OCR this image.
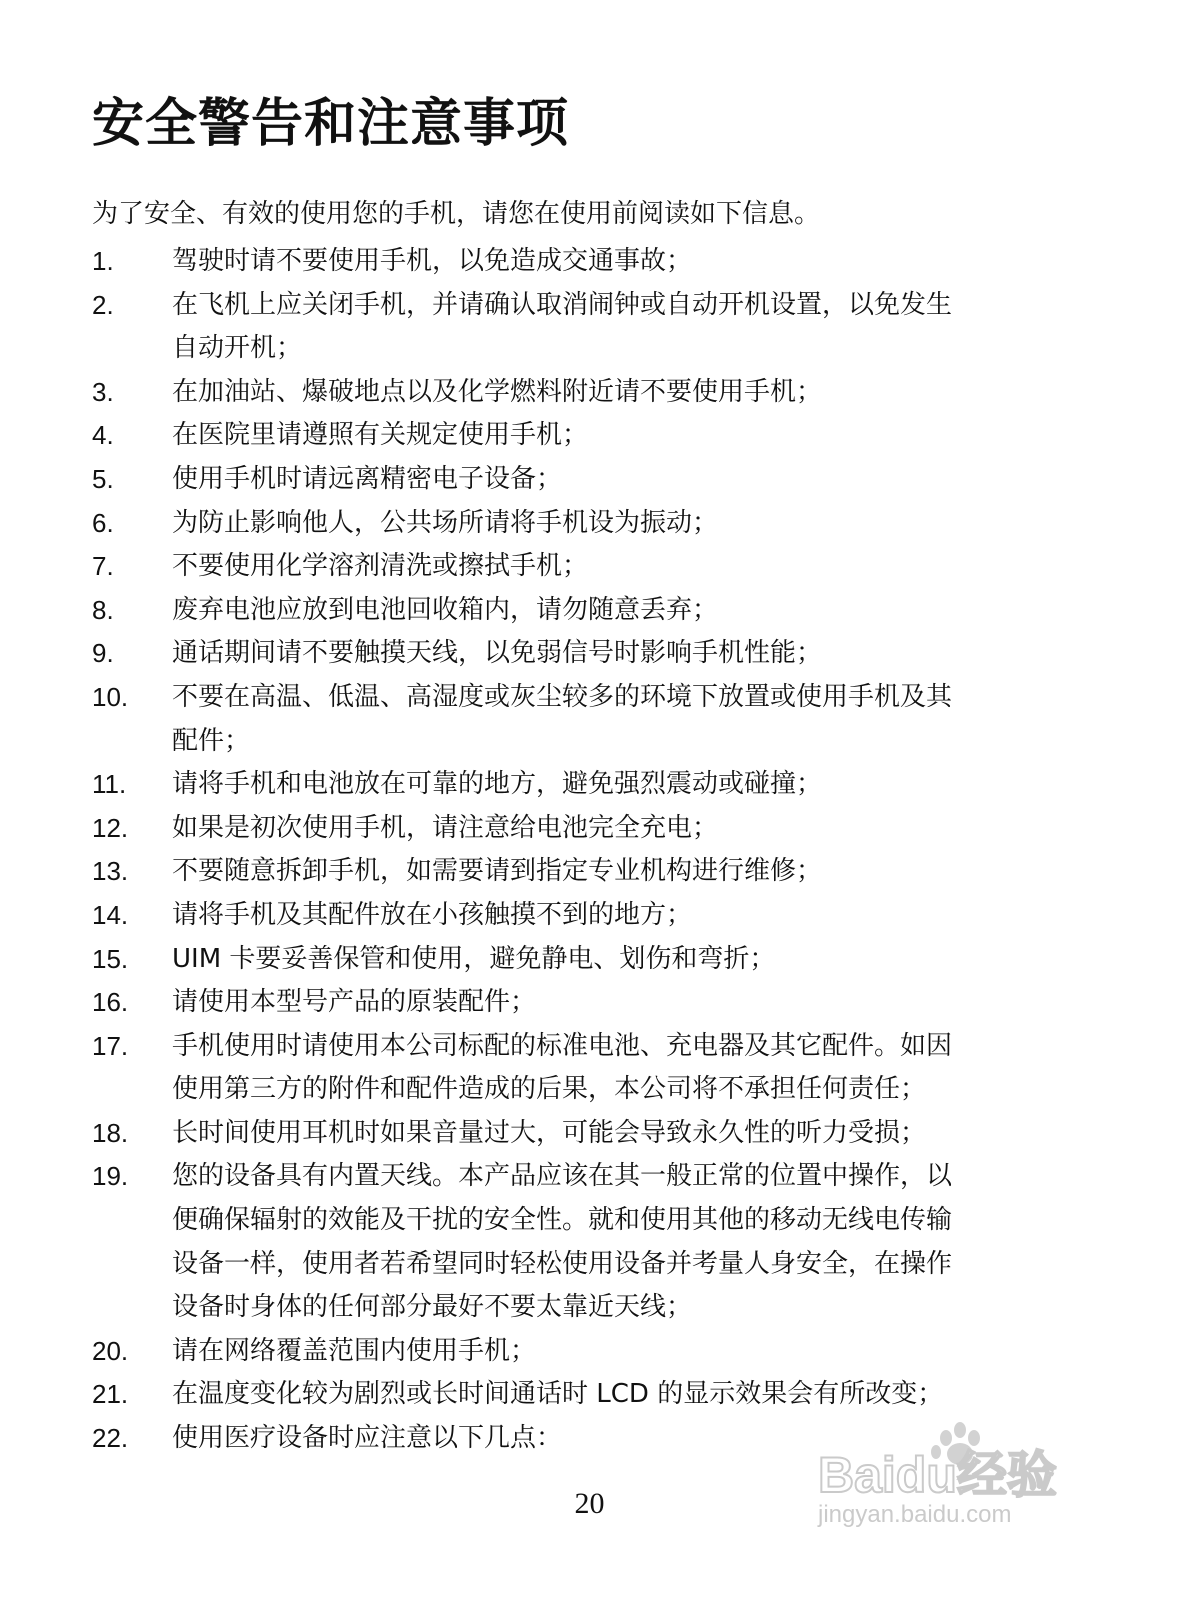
安全警告和注意事项
为了安全、有效的使用您的手机，请您在使用前阅读如下信息。
1.	驾驶时请不要使用手机，以免造成交通事故；
2.	在飞机上应关闭手机，并请确认取消闹钟或自动开机设置，以免发生
自动开机；
3.	在加油站、爆破地点以及化学燃料附近请不要使用手机；
4.	在医院里请遵照有关规定使用手机；
5.	使用手机时请远离精密电子设备；
6.	为防止影响他人，公共场所请将手机设为振动；
7.	不要使用化学溶剂清洗或擦拭手机；
8.	废弃电池应放到电池回收箱内，请勿随意丢弃；
9.	通话期间请不要触摸天线，以免弱信号时影响手机性能；
10.	不要在高温、低温、高湿度或灰尘较多的环境下放置或使用手机及其
配件；
11.	请将手机和电池放在可靠的地方，避免强烈震动或碰撞；
12.	如果是初次使用手机，请注意给电池完全充电；
13.	不要随意拆卸手机，如需要请到指定专业机构进行维修；
14.	请将手机及其配件放在小孩触摸不到的地方；
15.	UIM 卡要妥善保管和使用，避免静电、划伤和弯折；
16.	请使用本型号产品的原装配件；
17.	手机使用时请使用本公司标配的标准电池、充电器及其它配件。如因
使用第三方的附件和配件造成的后果，本公司将不承担任何责任；
18.	长时间使用耳机时如果音量过大，可能会导致永久性的听力受损；
19.	您的设备具有内置天线。本产品应该在其一般正常的位置中操作，以
便确保辐射的效能及干扰的安全性。就和使用其他的移动无线电传输
设备一样，使用者若希望同时轻松使用设备并考量人身安全，在操作
设备时身体的任何部分最好不要太靠近天线；
20.	请在网络覆盖范围内使用手机；
21.	在温度变化较为剧烈或长时间通话时 LCD 的显示效果会有所改变；
22.	使用医疗设备时应注意以下几点：
20
Baidu经验
jingyan.baidu.com
